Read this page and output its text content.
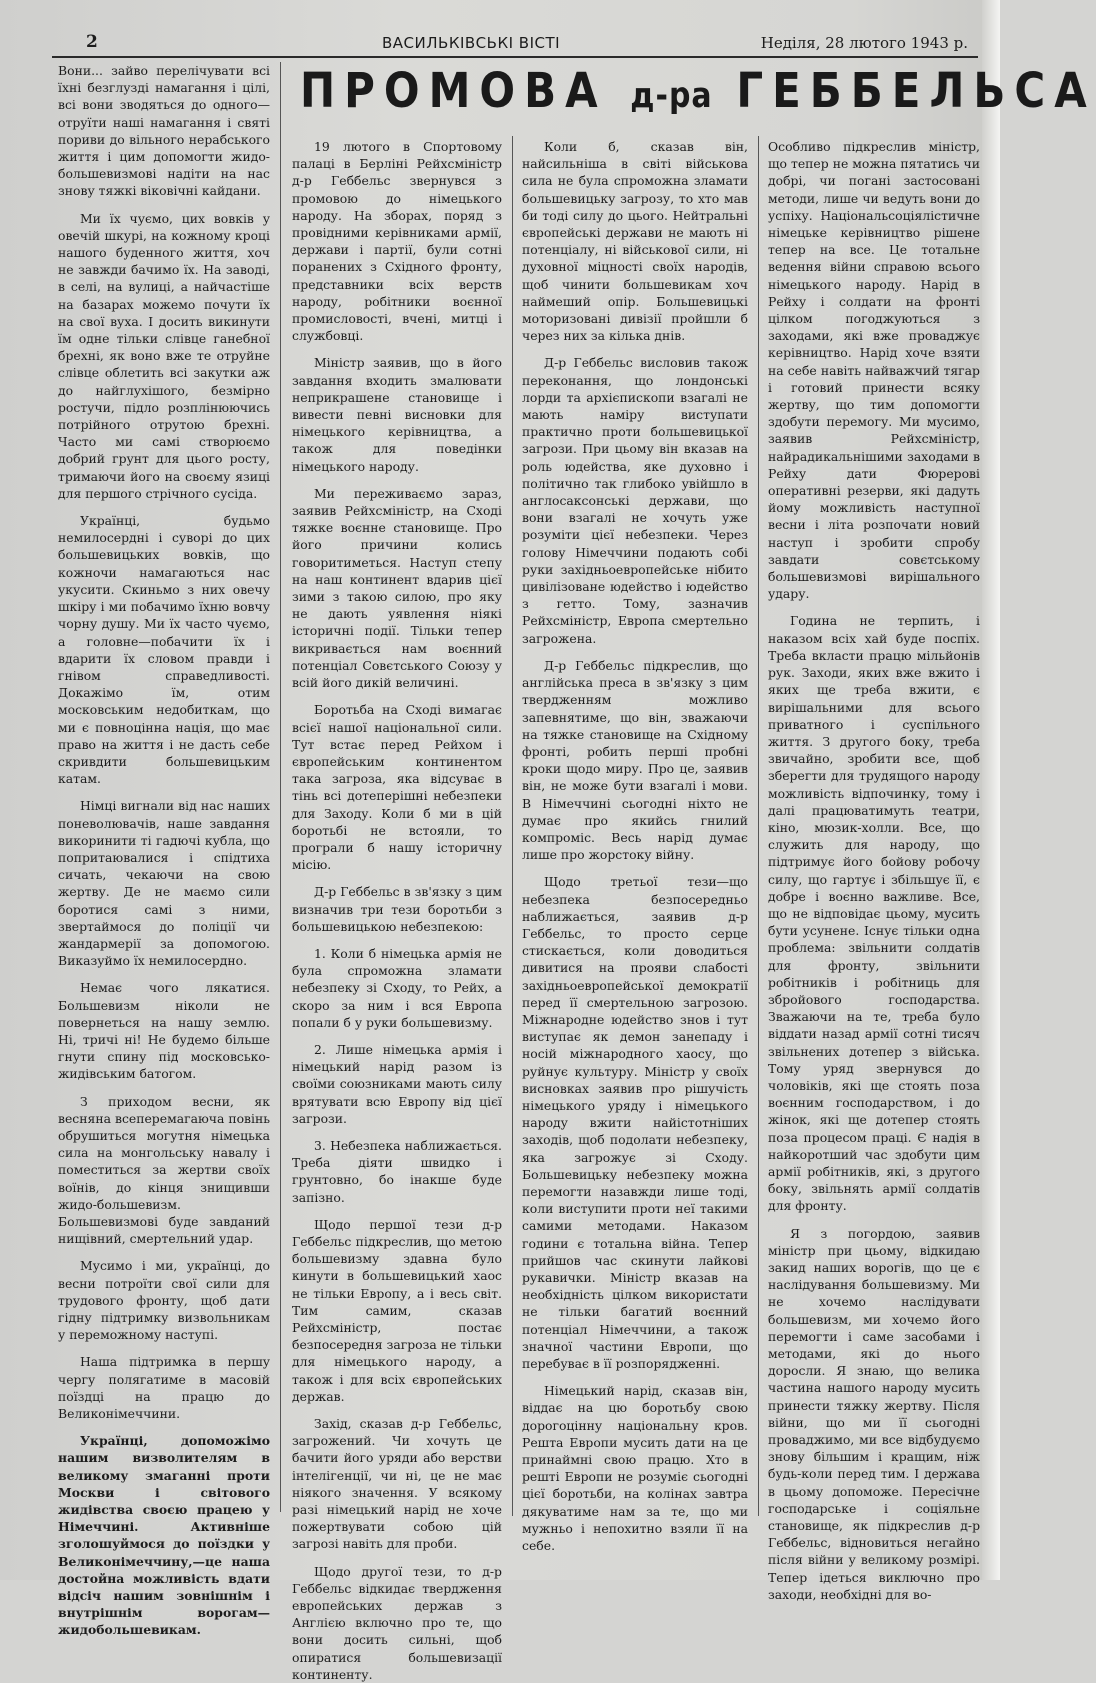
2	ВАСИЛЬКІВСЬКІ ВІСТІ	Неділя, 28 лютого 1943 р.
ПРОМОВА д-ра ГЕББЕЛЬСА

Вони... зайво перелічувати всі їхні безглузді намагання і цілі, всі вони зводяться до одного—отруїти наші намагання і святі пориви до вільного нерабського життя і цим допомогти жидо-большевизмові надіти на нас знову тяжкі віковічні кайдани.

Ми їх чуємо, цих вовків у овечій шкурі, на кожному кроці нашого буденного життя, хоч не завжди бачимо їх. На заводі, в селі, на вулиці, а найчастіше на базарах можемо почути їх на свої вуха. І досить викинути їм одне тільки слівце ганебної брехні, як воно вже те отруйне слівце облетить всі закутки аж до найглухішого, безмірно ростучи, підло розплінюючись потрійного отрутою брехні. Часто ми самі створюємо добрий грунт для цього росту, тримаючи його на своєму язиці для першого стрічного сусіда.

Українці, будьмо немилосердні і суворі до цих большевицьких вовків, що кожночи намагаються нас укусити. Скиньмо з них овечу шкіру і ми побачимо їхню вовчу чорну душу. Ми їх часто чуємо, а головне—побачити їх і вдарити їх словом правди і гнівом справедливості. Докажімо їм, отим московським недобиткам, що ми є повноцінна нація, що має право на життя і не дасть себе скривдити большевицьким катам.

Німці вигнали від нас наших поневолювачів, наше завдання викоринити ті гадючі кубла, що попритаювалися і спідтиха сичать, чекаючи на свою жертву. Де не маємо сили боротися самі з ними, звертаймося до поліції чи жандармерії за допомогою. Виказуймо їх немилосердно.

Немає чого лякатися. Большевизм ніколи не повернеться на нашу землю. Ні, тричі ні! Не будемо більше гнути спину під московсько-жидівським батогом.

З приходом весни, як весняна всеперемагаюча повінь обрушиться могутня німецька сила на монгольську навалу і поместиться за жертви своїх воїнів, до кінця знищивши жидо-большевизм. Большевизмові буде завданий нищівний, смертельний удар.

Мусимо і ми, українці, до весни потроїти свої сили для трудового фронту, щоб дати гідну підтримку визвольникам у переможному наступі.

Наша підтримка в першу чергу полягатиме в масовій поїздці на працю до Великонімеччини.

Українці, допоможімо нашим визволителям в великому змаганні проти Москви і світового жидівства своєю працею у Німеччині. Активніше зголошуймося до поїздки у Великонімеччину,—це наша достойна можливість вдати відсіч нашим зовнішнім і внутрішнім ворогам—жидобольшевикам.

19 лютого в Спортовому палаці в Берліні Рейхсміністр д-р Геббельс звернувся з промовою до німецького народу. На зборах, поряд з провідними керівниками армії, держави і партії, були сотні поранених з Східного фронту, представники всіх верств народу, робітники воєнної промисловості, вчені, митці і службовці.

Міністр заявив, що в його завдання входить змалювати неприкрашене становище і вивести певні висновки для німецького керівництва, а також для поведінки німецького народу.

Ми переживаємо зараз, заявив Рейхсміністр, на Сході тяжке воєнне становище. Про його причини колись говоритиметься. Наступ степу на наш континент вдарив цієї зими з такою силою, про яку не дають уявлення ніякі історичні події. Тільки тепер викривається нам воєнний потенціал Совєтського Союзу у всій його дикій величині.

Боротьба на Сході вимагає всієї нашої національної сили. Тут встає перед Рейхом і європейським континентом така загроза, яка відсуває в тінь всі дотеперішні небезпеки для Заходу. Коли б ми в цій боротьбі не встояли, то програли б нашу історичну місію.

Д-р Геббельс в зв'язку з цим визначив три тези боротьби з большевицькою небезпекою:

1. Коли б німецька армія не була спроможна зламати небезпеку зі Сходу, то Рейх, а скоро за ним і вся Европа попали б у руки большевизму.

2. Лише німецька армія і німецький нарід разом із своїми союзниками мають силу врятувати всю Европу від цієї загрози.

3. Небезпека наближається. Треба діяти швидко і грунтовно, бо інакше буде запізно.

Щодо першої тези д-р Геббельс підкреслив, що метою большевизму здавна було кинути в большевицький хаос не тільки Европу, а і весь світ. Тим самим, сказав Рейхсміністр, постає безпосередня загроза не тільки для німецького народу, а також і для всіх європейських держав.

Захід, сказав д-р Геббельс, загрожений. Чи хочуть це бачити його уряди або верстви інтелігенції, чи ні, це не має ніякого значення. У всякому разі німецький нарід не хоче пожертвувати собою цій загрозі навіть для проби.

Щодо другої тези, то д-р Геббельс відкидає твердження европейських держав з Англією включно про те, що вони досить сильні, щоб опиратися большевизації континенту.

Коли б, сказав він, найсильніша в світі військова сила не була спроможна зламати большевицьку загрозу, то хто мав би тоді силу до цього. Нейтральні європейські держави не мають ні потенціалу, ні військової сили, ні духовної міцності своїх народів, щоб чинити большевикам хоч наймеший опір. Большевицькі моторизовані дивізії пройшли б через них за кілька днів.

Д-р Геббельс висловив також переконання, що лондонські лорди та архієпископи взагалі не мають наміру виступати практично проти большевицької загрози. При цьому він вказав на роль юдейства, яке духовно і політично так глибоко увійшло в англосаксонські держави, що вони взагалі не хочуть уже розуміти цієї небезпеки. Через голову Німеччини подають собі руки західньоевропейське нібито цивілізоване юдейство і юдейство з гетто. Тому, зазначив Рейхсміністр, Европа смертельно загрожена.

Д-р Геббельс підкреслив, що англійська преса в зв'язку з цим твердженням можливо запевнятиме, що він, зважаючи на тяжке становище на Східному фронті, робить перші пробні кроки щодо миру. Про це, заявив він, не може бути взагалі і мови. В Німеччині сьогодні ніхто не думає про якийсь гнилий компроміс. Весь нарід думає лише про жорстоку війну.

Щодо третьої тези—що небезпека безпосередньо наближається, заявив д-р Геббельс, то просто серце стискається, коли доводиться дивитися на прояви слабості західньоевропейської демократії перед її смертельною загрозою. Міжнародне юдейство знов і тут виступає як демон занепаду і носій міжнародного хаосу, що руйнує культуру. Міністр у своїх висновках заявив про рішучість німецького уряду і німецького народу вжити найістотніших заходів, щоб подолати небезпеку, яка загрожує зі Сходу. Большевицьку небезпеку можна перемогти назавжди лише тоді, коли виступити проти неї такими самими методами. Наказом години є тотальна війна. Тепер прийшов час скинути лайкові рукавички. Міністр вказав на необхідність цілком використати не тільки багатий воєнний потенціал Німеччини, а також значної частини Европи, що перебуває в її розпорядженні.

Німецький нарід, сказав він, віддає на цю боротьбу свою дорогоцінну національну кров. Решта Европи мусить дати на це принаймні свою працю. Хто в решті Европи не розуміє сьогодні цієї боротьби, на колінах завтра дякуватиме нам за те, що ми мужньо і непохитно взяли її на себе.

Особливо підкреслив міністр, що тепер не можна пятатись чи добрі, чи погані застосовані методи, лише чи ведуть вони до успіху. Національсоціялістичне німецьке керівництво рішене тепер на все. Це тотальне ведення війни справою всього німецького народу. Нарід в Рейху і солдати на фронті цілком погоджуються з заходами, які вже проваджує керівництво. Нарід хоче взяти на себе навіть найважчий тягар і готовий принести всяку жертву, що тим допомогти здобути перемогу. Ми мусимо, заявив Рейхсміністр, найрадикальнішими заходами в Рейху дати Фюрерові оперативні резерви, які дадуть йому можливість наступної весни і літа розпочати новий наступ і зробити спробу завдати совєтському большевизмові вирішального удару.

Година не терпить, і наказом всіх хай буде поспіх. Треба вкласти працю мільйонів рук. Заходи, яких вже вжито і яких ще треба вжити, є вирішальними для всього приватного і суспільного життя. З другого боку, треба звичайно, зробити все, щоб зберегти для трудящого народу можливість відпочинку, тому і далі працюватимуть театри, кіно, мюзик-холли. Все, що служить для народу, що підтримує його бойову робочу силу, що гартує і збільшує її, є добре і воєнно важливе. Все, що не відповідає цьому, мусить бути усунене. Існує тільки одна проблема: звільнити солдатів для фронту, звільнити робітників і робітниць для збройового господарства. Зважаючи на те, треба було віддати назад армії сотні тисяч звільнених дотепер з війська. Тому уряд звернувся до чоловіків, які ще стоять поза воєнним господарством, і до жінок, які ще дотепер стоять поза процесом праці. Є надія в найкоротший час здобути цим армії робітників, які, з другого боку, звільнять армії солдатів для фронту.

Я з погордою, заявив міністр при цьому, відкидаю закид наших ворогів, що це є наслідування большевизму. Ми не хочемо наслідувати большевизм, ми хочемо його перемогти і саме засобами і методами, які до нього доросли. Я знаю, що велика частина нашого народу мусить принести тяжку жертву. Після війни, що ми її сьогодні проваджимо, ми все відбудуємо знову більшим і кращим, ніж будь-коли перед тим. І держава в цьому допоможе. Пересічне господарське і соціяльне становище, як підкреслив д-р Геббельс, відновиться негайно після війни у великому розмірі. Тепер ідеться виключно про заходи, необхідні для во-
